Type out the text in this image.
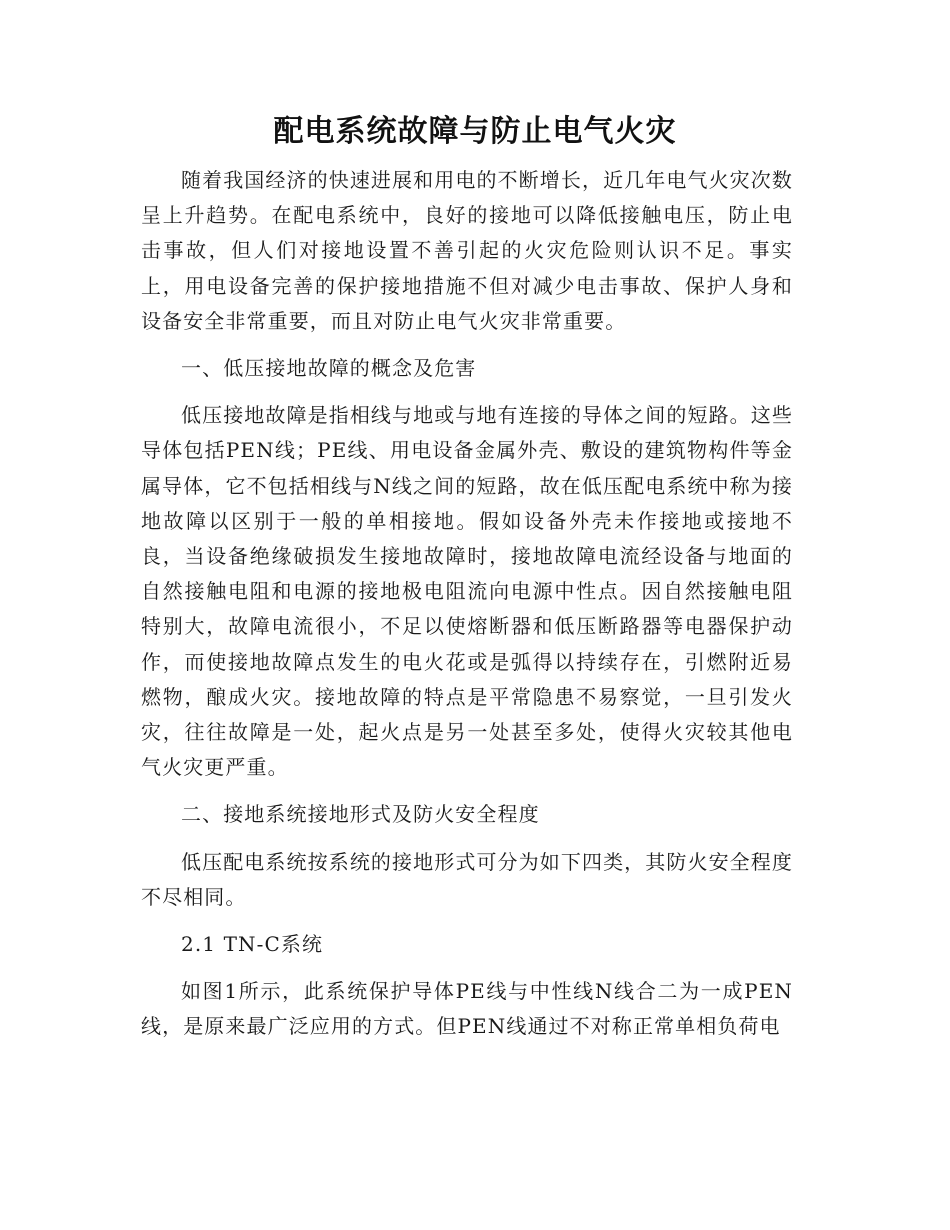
配电系统故障与防止电气火灾

随着我国经济的快速进展和用电的不断增长，近几年电气火灾次数呈上升趋势。在配电系统中，良好的接地可以降低接触电压，防止电击事故，但人们对接地设置不善引起的火灾危险则认识不足。事实上，用电设备完善的保护接地措施不但对减少电击事故、保护人身和设备安全非常重要，而且对防止电气火灾非常重要。

一、低压接地故障的概念及危害

低压接地故障是指相线与地或与地有连接的导体之间的短路。这些导体包括PEN线；PE线、用电设备金属外壳、敷设的建筑物构件等金属导体，它不包括相线与N线之间的短路，故在低压配电系统中称为接地故障以区别于一般的单相接地。假如设备外壳未作接地或接地不良，当设备绝缘破损发生接地故障时，接地故障电流经设备与地面的自然接触电阻和电源的接地极电阻流向电源中性点。因自然接触电阻特别大，故障电流很小，不足以使熔断器和低压断路器等电器保护动作，而使接地故障点发生的电火花或是弧得以持续存在，引燃附近易燃物，酿成火灾。接地故障的特点是平常隐患不易察觉，一旦引发火灾，往往故障是一处，起火点是另一处甚至多处，使得火灾较其他电气火灾更严重。

二、接地系统接地形式及防火安全程度

低压配电系统按系统的接地形式可分为如下四类，其防火安全程度不尽相同。

2.1 TN-C系统

如图1所示，此系统保护导体PE线与中性线N线合二为一成PEN线，是原来最广泛应用的方式。但PEN线通过不对称正常单相负荷电
